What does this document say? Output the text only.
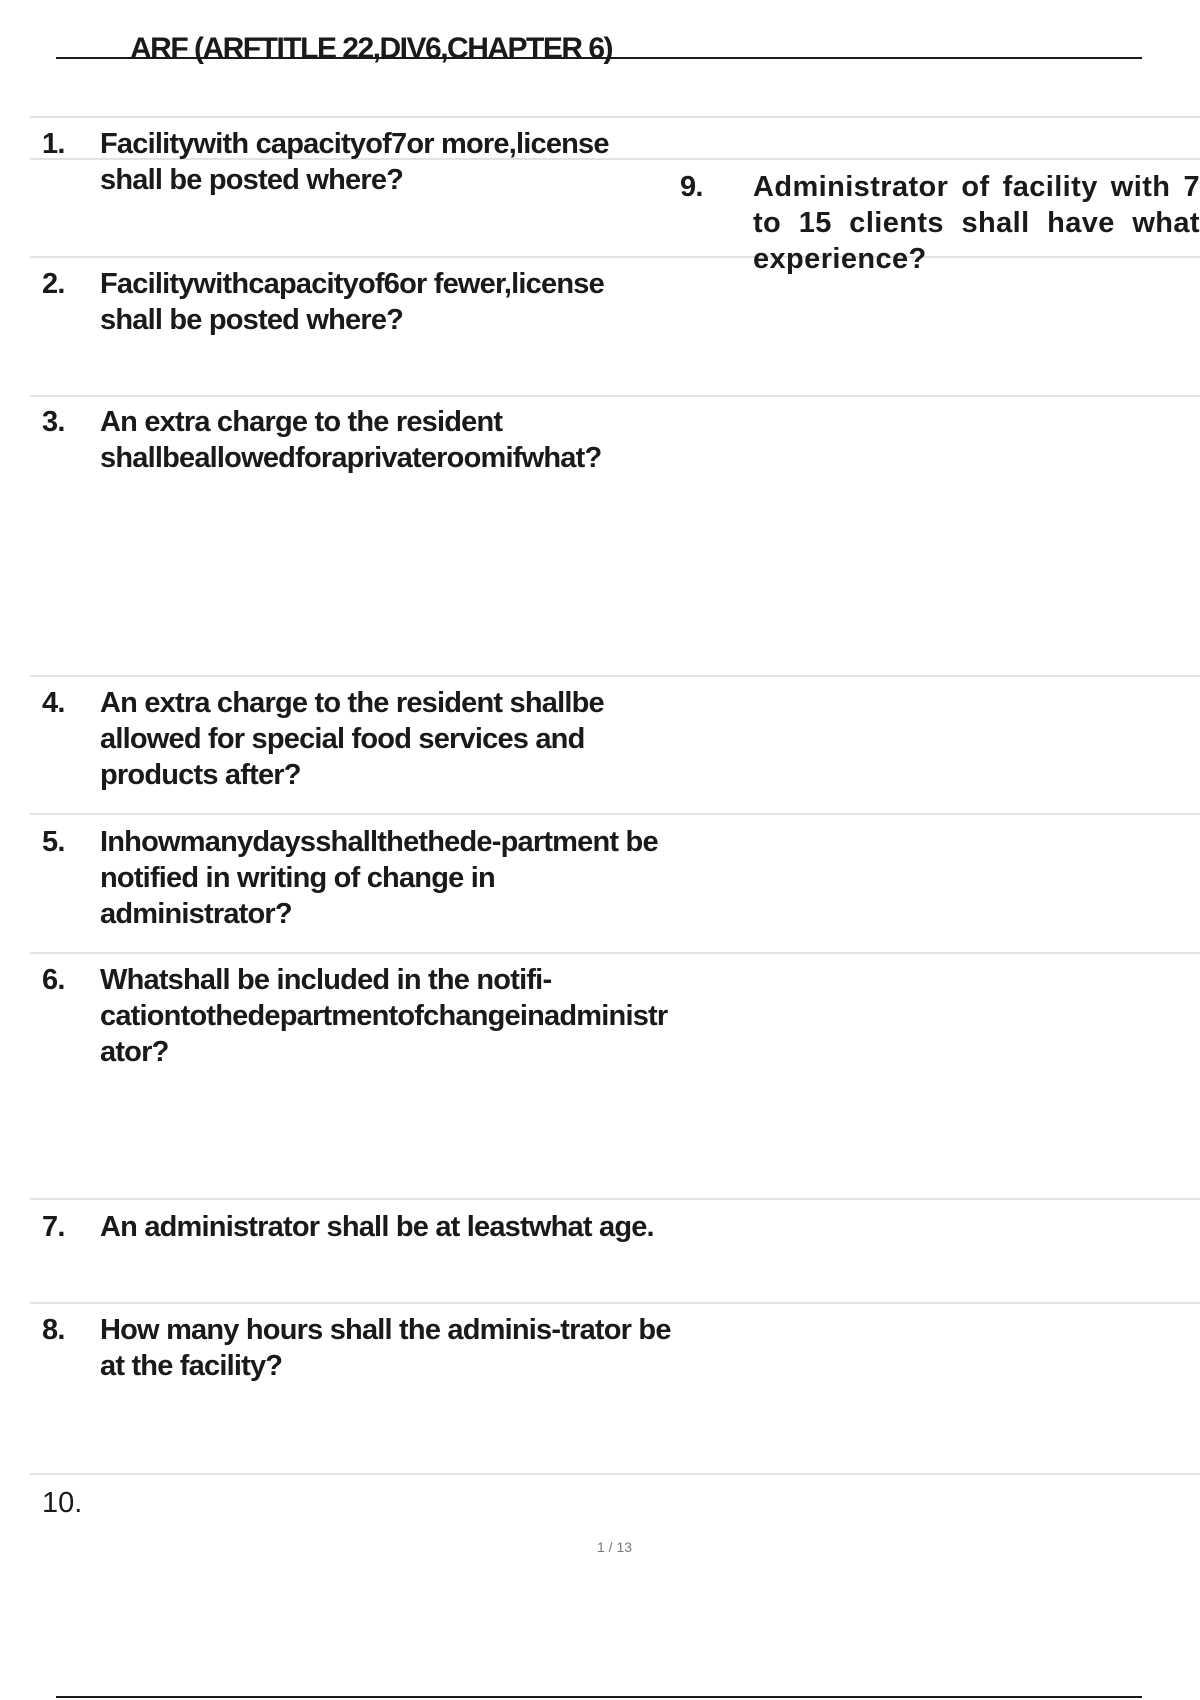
ARF (ARFTITLE 22,DIV6,CHAPTER 6)
1.	Facilitywith capacityof7or more,license shall be posted where?
2.	Facilitywithcapacityof6or fewer,license shall be posted where?
3.	An extra charge to the resident shallbeallowedforaprivateroomifwhat?
4.	An extra charge to the resident shallbe allowed for special food services and products after?
5.	Inhowmanydaysshallthethede-partment be notified in writing of change in administrator?
6.	Whatshall be included in the notifi-cationtothedepartmentofchangeinadministrator?
7.	An administrator shall be at leastwhat age.
8.	How many hours shall the adminis-trator be at the facility?
9.	Administrator of facility with 7 to 15 clients shall have what experience?
10.
1 / 13
